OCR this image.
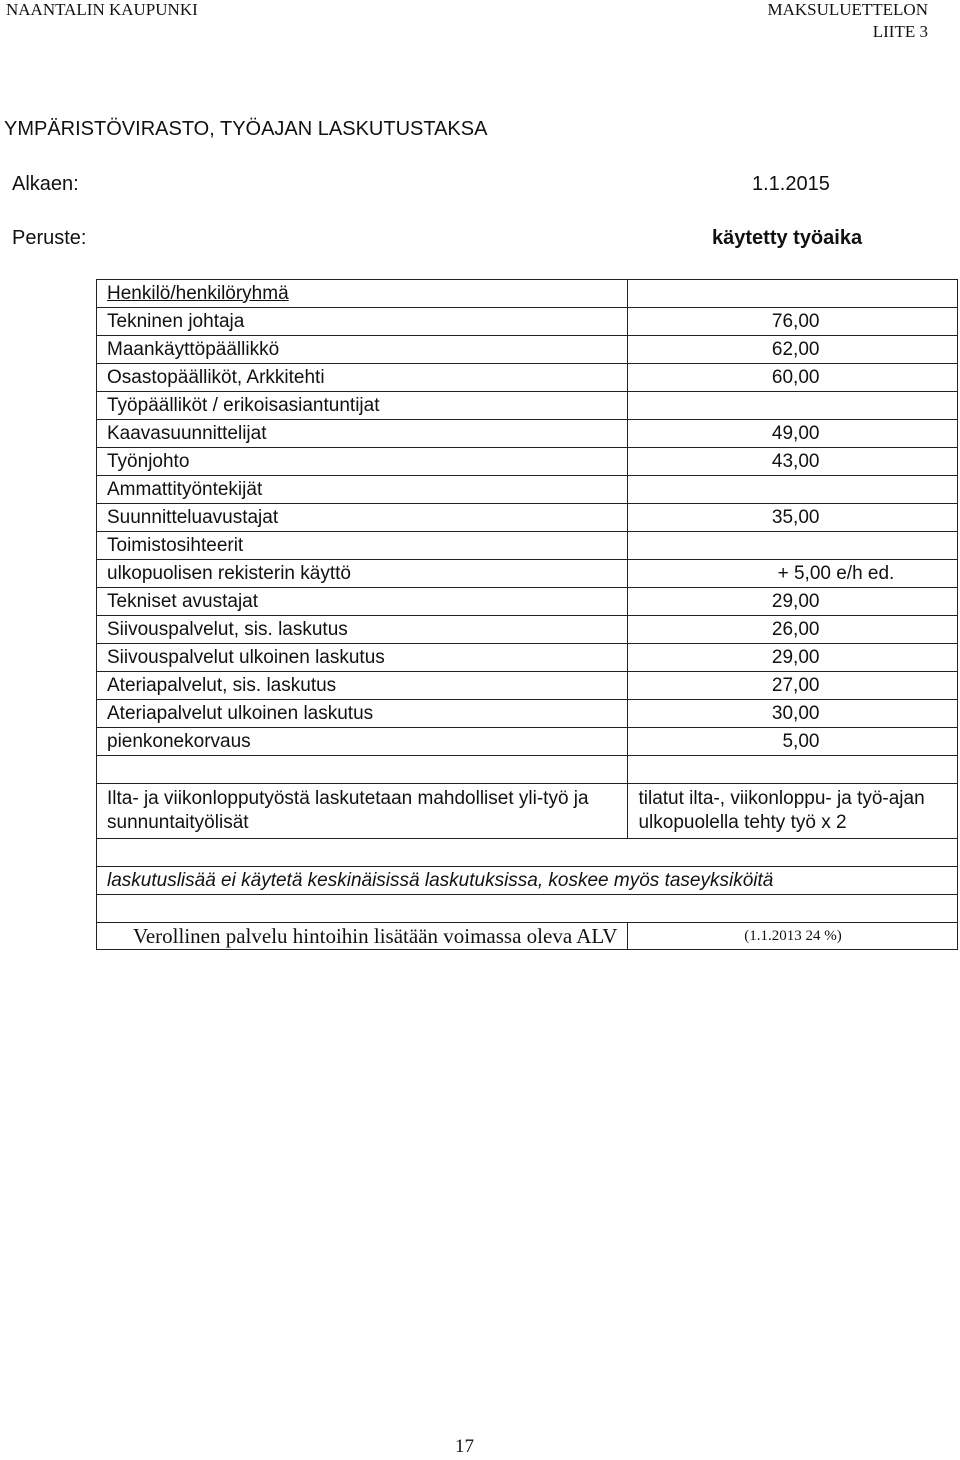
NAANTALIN KAUPUNKI	MAKSULUETTELON
LIITE 3
YMPÄRISTÖVIRASTO, TYÖAJAN LASKUTUSTAKSA
Alkaen:	1.1.2015
Peruste:	käytetty työaika
Henkilö/henkilöryhmä	
Tekninen johtaja	76,00
Maankäyttöpäällikkö	62,00
Osastopäälliköt, Arkkitehti	60,00
Työpäälliköt / erikoisasiantuntijat	
Kaavasuunnittelijat	49,00
Työnjohto	43,00
Ammattityöntekijät	
Suunnitteluavustajat	35,00
Toimistosihteerit	
ulkopuolisen rekisterin käyttö	+ 5,00 e/h ed.
Tekniset avustajat	29,00
Siivouspalvelut, sis. laskutus	26,00
Siivouspalvelut ulkoinen laskutus	29,00
Ateriapalvelut, sis. laskutus	27,00
Ateriapalvelut ulkoinen laskutus	30,00
pienkonekorvaus	5,00

Ilta- ja viikonlopputyöstä laskutetaan mahdolliset yli-työ ja sunnuntaityölisät	tilatut ilta-, viikonloppu- ja työ-ajan ulkopuolella tehty työ x 2

laskutuslisää ei käytetä keskinäisissä laskutuksissa, koskee myös taseyksiköitä	

Verollinen palvelu hintoihin lisätään voimassa oleva ALV	(1.1.2013 24 %)
17
